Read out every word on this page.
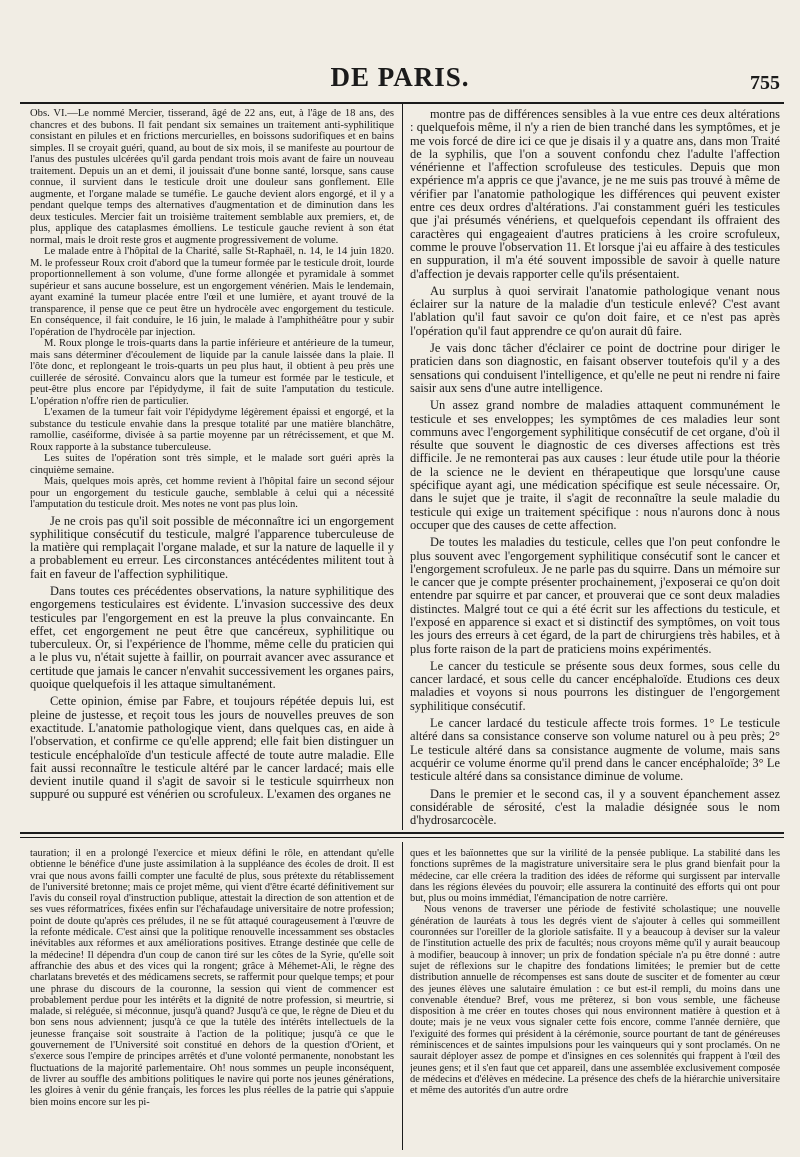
DE PARIS.	755

Obs. VI.—Le nommé Mercier, tisserand, âgé de 22 ans, eut, à l'âge de 18 ans, des chancres et des bubons. Il fait pendant six semaines un traitement anti-syphilitique consistant en pilules et en frictions mercurielles, en boissons sudorifiques et en bains simples. Il se croyait guéri, quand, au bout de six mois, il se manifeste au pourtour de l'anus des pustules ulcérées qu'il garda pendant trois mois avant de faire un nouveau traitement. Depuis un an et demi, il jouissait d'une bonne santé, lorsque, sans cause connue, il survient dans le testicule droit une douleur sans gonflement. Elle augmente, et l'organe malade se tuméfie. Le gauche devient alors engorgé, et il y a pendant quelque temps des alternatives d'augmentation et de diminution dans les deux testicules. Mercier fait un troisième traitement semblable aux premiers, et, de plus, applique des cataplasmes émolliens. Le testicule gauche revient à son état normal, mais le droit reste gros et augmente progressivement de volume.

Le malade entre à l'hôpital de la Charité, salle St-Raphaël, n. 14, le 14 juin 1820. M. le professeur Roux croit d'abord que la tumeur formée par le testicule droit, lourde proportionnellement à son volume, d'une forme allongée et pyramidale à sommet supérieur et sans aucune bosselure, est un engorgement vénérien. Mais le lendemain, ayant examiné la tumeur placée entre l'œil et une lumière, et ayant trouvé de la transparence, il pense que ce peut être un hydrocèle avec engorgement du testicule. En conséquence, il fait conduire, le 16 juin, le malade à l'amphithéâtre pour y subir l'opération de l'hydrocèle par injection.

M. Roux plonge le trois-quarts dans la partie inférieure et antérieure de la tumeur, mais sans déterminer d'écoulement de liquide par la canule laissée dans la plaie. Il l'ôte donc, et replongeant le trois-quarts un peu plus haut, il obtient à peu près une cuillerée de sérosité. Convaincu alors que la tumeur est formée par le testicule, et peut-être plus encore par l'épidydyme, il fait de suite l'amputation du testicule. L'opération n'offre rien de particulier.

L'examen de la tumeur fait voir l'épidydyme légèrement épaissi et engorgé, et la substance du testicule envahie dans la presque totalité par une matière blanchâtre, ramollie, caséiforme, divisée à sa partie moyenne par un rétrécissement, et que M. Roux rapporte à la substance tuberculeuse.

Les suites de l'opération sont très simple, et le malade sort guéri après la cinquième semaine.

Mais, quelques mois après, cet homme revient à l'hôpital faire un second séjour pour un engorgement du testicule gauche, semblable à celui qui a nécessité l'amputation du testicule droit. Mes notes ne vont pas plus loin.

Je ne crois pas qu'il soit possible de méconnaître ici un engorgement syphilitique consécutif du testicule, malgré l'apparence tuberculeuse de la matière qui remplaçait l'organe malade, et sur la nature de laquelle il y a probablement eu erreur. Les circonstances antécédentes militent tout à fait en faveur de l'affection syphilitique.

Dans toutes ces précédentes observations, la nature syphilitique des engorgemens testiculaires est évidente. L'invasion successive des deux testicules par l'engorgement en est la preuve la plus convaincante. En effet, cet engorgement ne peut être que cancéreux, syphilitique ou tuberculeux. Or, si l'expérience de l'homme, même celle du praticien qui a le plus vu, n'était sujette à faillir, on pourrait avancer avec assurance et certitude que jamais le cancer n'envahit successivement les organes pairs, quoique quelquefois il les attaque simultanément.

Cette opinion, émise par Fabre, et toujours répétée depuis lui, est pleine de justesse, et reçoit tous les jours de nouvelles preuves de son exactitude. L'anatomie pathologique vient, dans quelques cas, en aide à l'observation, et confirme ce qu'elle apprend; elle fait bien distinguer un testicule encéphaloïde d'un testicule affecté de toute autre maladie. Elle fait aussi reconnaître le testicule altéré par le cancer lardacé; mais elle devient inutile quand il s'agit de savoir si le testicule squirrheux non suppuré ou suppuré est vénérien ou scrofuleux. L'examen des organes ne

montre pas de différences sensibles à la vue entre ces deux altérations : quelquefois même, il n'y a rien de bien tranché dans les symptômes, et je me vois forcé de dire ici ce que je disais il y a quatre ans, dans mon Traité de la syphilis, que l'on a souvent confondu chez l'adulte l'affection vénérienne et l'affection scrofuleuse des testicules. Depuis que mon expérience m'a appris ce que j'avance, je ne me suis pas trouvé à même de vérifier par l'anatomie pathologique les différences qui peuvent exister entre ces deux ordres d'altérations. J'ai constamment guéri les testicules que j'ai présumés vénériens, et quelquefois cependant ils offraient des caractères qui engageaient d'autres praticiens à les croire scrofuleux, comme le prouve l'observation 11. Et lorsque j'ai eu affaire à des testicules en suppuration, il m'a été souvent impossible de savoir à quelle nature d'affection je devais rapporter celle qu'ils présentaient.

Au surplus à quoi servirait l'anatomie pathologique venant nous éclairer sur la nature de la maladie d'un testicule enlevé? C'est avant l'ablation qu'il faut savoir ce qu'on doit faire, et ce n'est pas après l'opération qu'il faut apprendre ce qu'on aurait dû faire.

Je vais donc tâcher d'éclairer ce point de doctrine pour diriger le praticien dans son diagnostic, en faisant observer toutefois qu'il y a des sensations qui conduisent l'intelligence, et qu'elle ne peut ni rendre ni faire saisir aux sens d'une autre intelligence.

Un assez grand nombre de maladies attaquent communément le testicule et ses enveloppes; les symptômes de ces maladies leur sont communs avec l'engorgement syphilitique consécutif de cet organe, d'où il résulte que souvent le diagnostic de ces diverses affections est très difficile. Je ne remonterai pas aux causes : leur étude utile pour la théorie de la science ne le devient en thérapeutique que lorsqu'une cause spécifique ayant agi, une médication spécifique est seule nécessaire. Or, dans le sujet que je traite, il s'agit de reconnaître la seule maladie du testicule qui exige un traitement spécifique : nous n'aurons donc à nous occuper que des causes de cette affection.

De toutes les maladies du testicule, celles que l'on peut confondre le plus souvent avec l'engorgement syphilitique consécutif sont le cancer et l'engorgement scrofuleux. Je ne parle pas du squirre. Dans un mémoire sur le cancer que je compte présenter prochainement, j'exposerai ce qu'on doit entendre par squirre et par cancer, et prouverai que ce sont deux maladies distinctes. Malgré tout ce qui a été écrit sur les affections du testicule, et l'exposé en apparence si exact et si distinctif des symptômes, on voit tous les jours des erreurs à cet égard, de la part de chirurgiens très habiles, et à plus forte raison de la part de praticiens moins expérimentés.

Le cancer du testicule se présente sous deux formes, sous celle du cancer lardacé, et sous celle du cancer encéphaloïde. Etudions ces deux maladies et voyons si nous pourrons les distinguer de l'engorgement syphilitique consécutif.

Le cancer lardacé du testicule affecte trois formes. 1° Le testicule altéré dans sa consistance conserve son volume naturel ou à peu près; 2° Le testicule altéré dans sa consistance augmente de volume, mais sans acquérir ce volume énorme qu'il prend dans le cancer encéphaloïde; 3° Le testicule altéré dans sa consistance diminue de volume.

Dans le premier et le second cas, il y a souvent épanchement assez considérable de sérosité, c'est la maladie désignée sous le nom d'hydrosarcocèle.

tauration; il en a prolongé l'exercice et mieux défini le rôle, en attendant qu'elle obtienne le bénéfice d'une juste assimilation à la suppléance des écoles de droit. Il est vrai que nous avons failli compter une faculté de plus, sous prétexte du rétablissement de l'université bretonne; mais ce projet même, qui vient d'être écarté définitivement sur l'avis du conseil royal d'instruction publique, attestait la direction de son attention et de ses vues réformatrices, fixées enfin sur l'échafaudage universitaire de notre profession; point de doute qu'après ces préludes, il ne se fût attaqué courageusement à l'œuvre de la refonte médicale. C'est ainsi que la politique renouvelle incessamment ses obstacles inévitables aux réformes et aux améliorations positives. Etrange destinée que celle de la médecine! Il dépendra d'un coup de canon tiré sur les côtes de la Syrie, qu'elle soit affranchie des abus et des vices qui la rongent; grâce à Méhemet-Ali, le règne des charlatans brevetés et des médicamens secrets, se raffermit pour quelque temps; et pour une phrase du discours de la couronne, la session qui vient de commencer est probablement perdue pour les intérêts et la dignité de notre profession, si meurtrie, si malade, si reléguée, si méconnue, jusqu'à quand? Jusqu'à ce que, le règne de Dieu et du bon sens nous adviennent; jusqu'à ce que la tutèle des intérêts intellectuels de la jeunesse française soit soustraite à l'action de la politique; jusqu'à ce que le gouvernement de l'Université soit constitué en dehors de la question d'Orient, et s'exerce sous l'empire de principes arrêtés et d'une volonté permanente, nonobstant les fluctuations de la majorité parlementaire. Oh! nous sommes un peuple inconséquent, de livrer au souffle des ambitions politiques le navire qui porte nos jeunes générations, les gloires à venir du génie français, les forces les plus réelles de la patrie qui s'appuie bien moins encore sur les pi-

ques et les baïonnettes que sur la virilité de la pensée publique. La stabilité dans les fonctions suprêmes de la magistrature universitaire sera le plus grand bienfait pour la médecine, car elle créera la tradition des idées de réforme qui surgissent par intervalle dans les régions élevées du pouvoir; elle assurera la continuité des efforts qui ont pour but, plus ou moins immédiat, l'émancipation de notre carrière.

Nous venons de traverser une période de festivité scholastique; une nouvelle génération de lauréats à tous les degrés vient de s'ajouter à celles qui sommeillent couronnées sur l'oreiller de la gloriole satisfaite. Il y a beaucoup à deviser sur la valeur de l'institution actuelle des prix de facultés; nous croyons même qu'il y aurait beaucoup à modifier, beaucoup à innover; un prix de fondation spéciale n'a pu être donné : autre sujet de réflexions sur le chapitre des fondations limitées; le premier but de cette distribution annuelle de récompenses est sans doute de susciter et de fomenter au cœur des jeunes élèves une salutaire émulation : ce but est-il rempli, du moins dans une convenable étendue? Bref, vous me prêterez, si bon vous semble, une fâcheuse disposition à me créer en toutes choses qui nous environnent matière à question et à doute; mais je ne veux vous signaler cette fois encore, comme l'année dernière, que l'exiguité des formes qui président à la cérémonie, source pourtant de tant de généreuses réminiscences et de saintes impulsions pour les vainqueurs qui y sont proclamés. On ne saurait déployer assez de pompe et d'insignes en ces solennités qui frappent à l'œil des jeunes gens; et il s'en faut que cet appareil, dans une assemblée exclusivement composée de médecins et d'élèves en médecine. La présence des chefs de la hiérarchie universitaire et même des autorités d'un autre ordre
